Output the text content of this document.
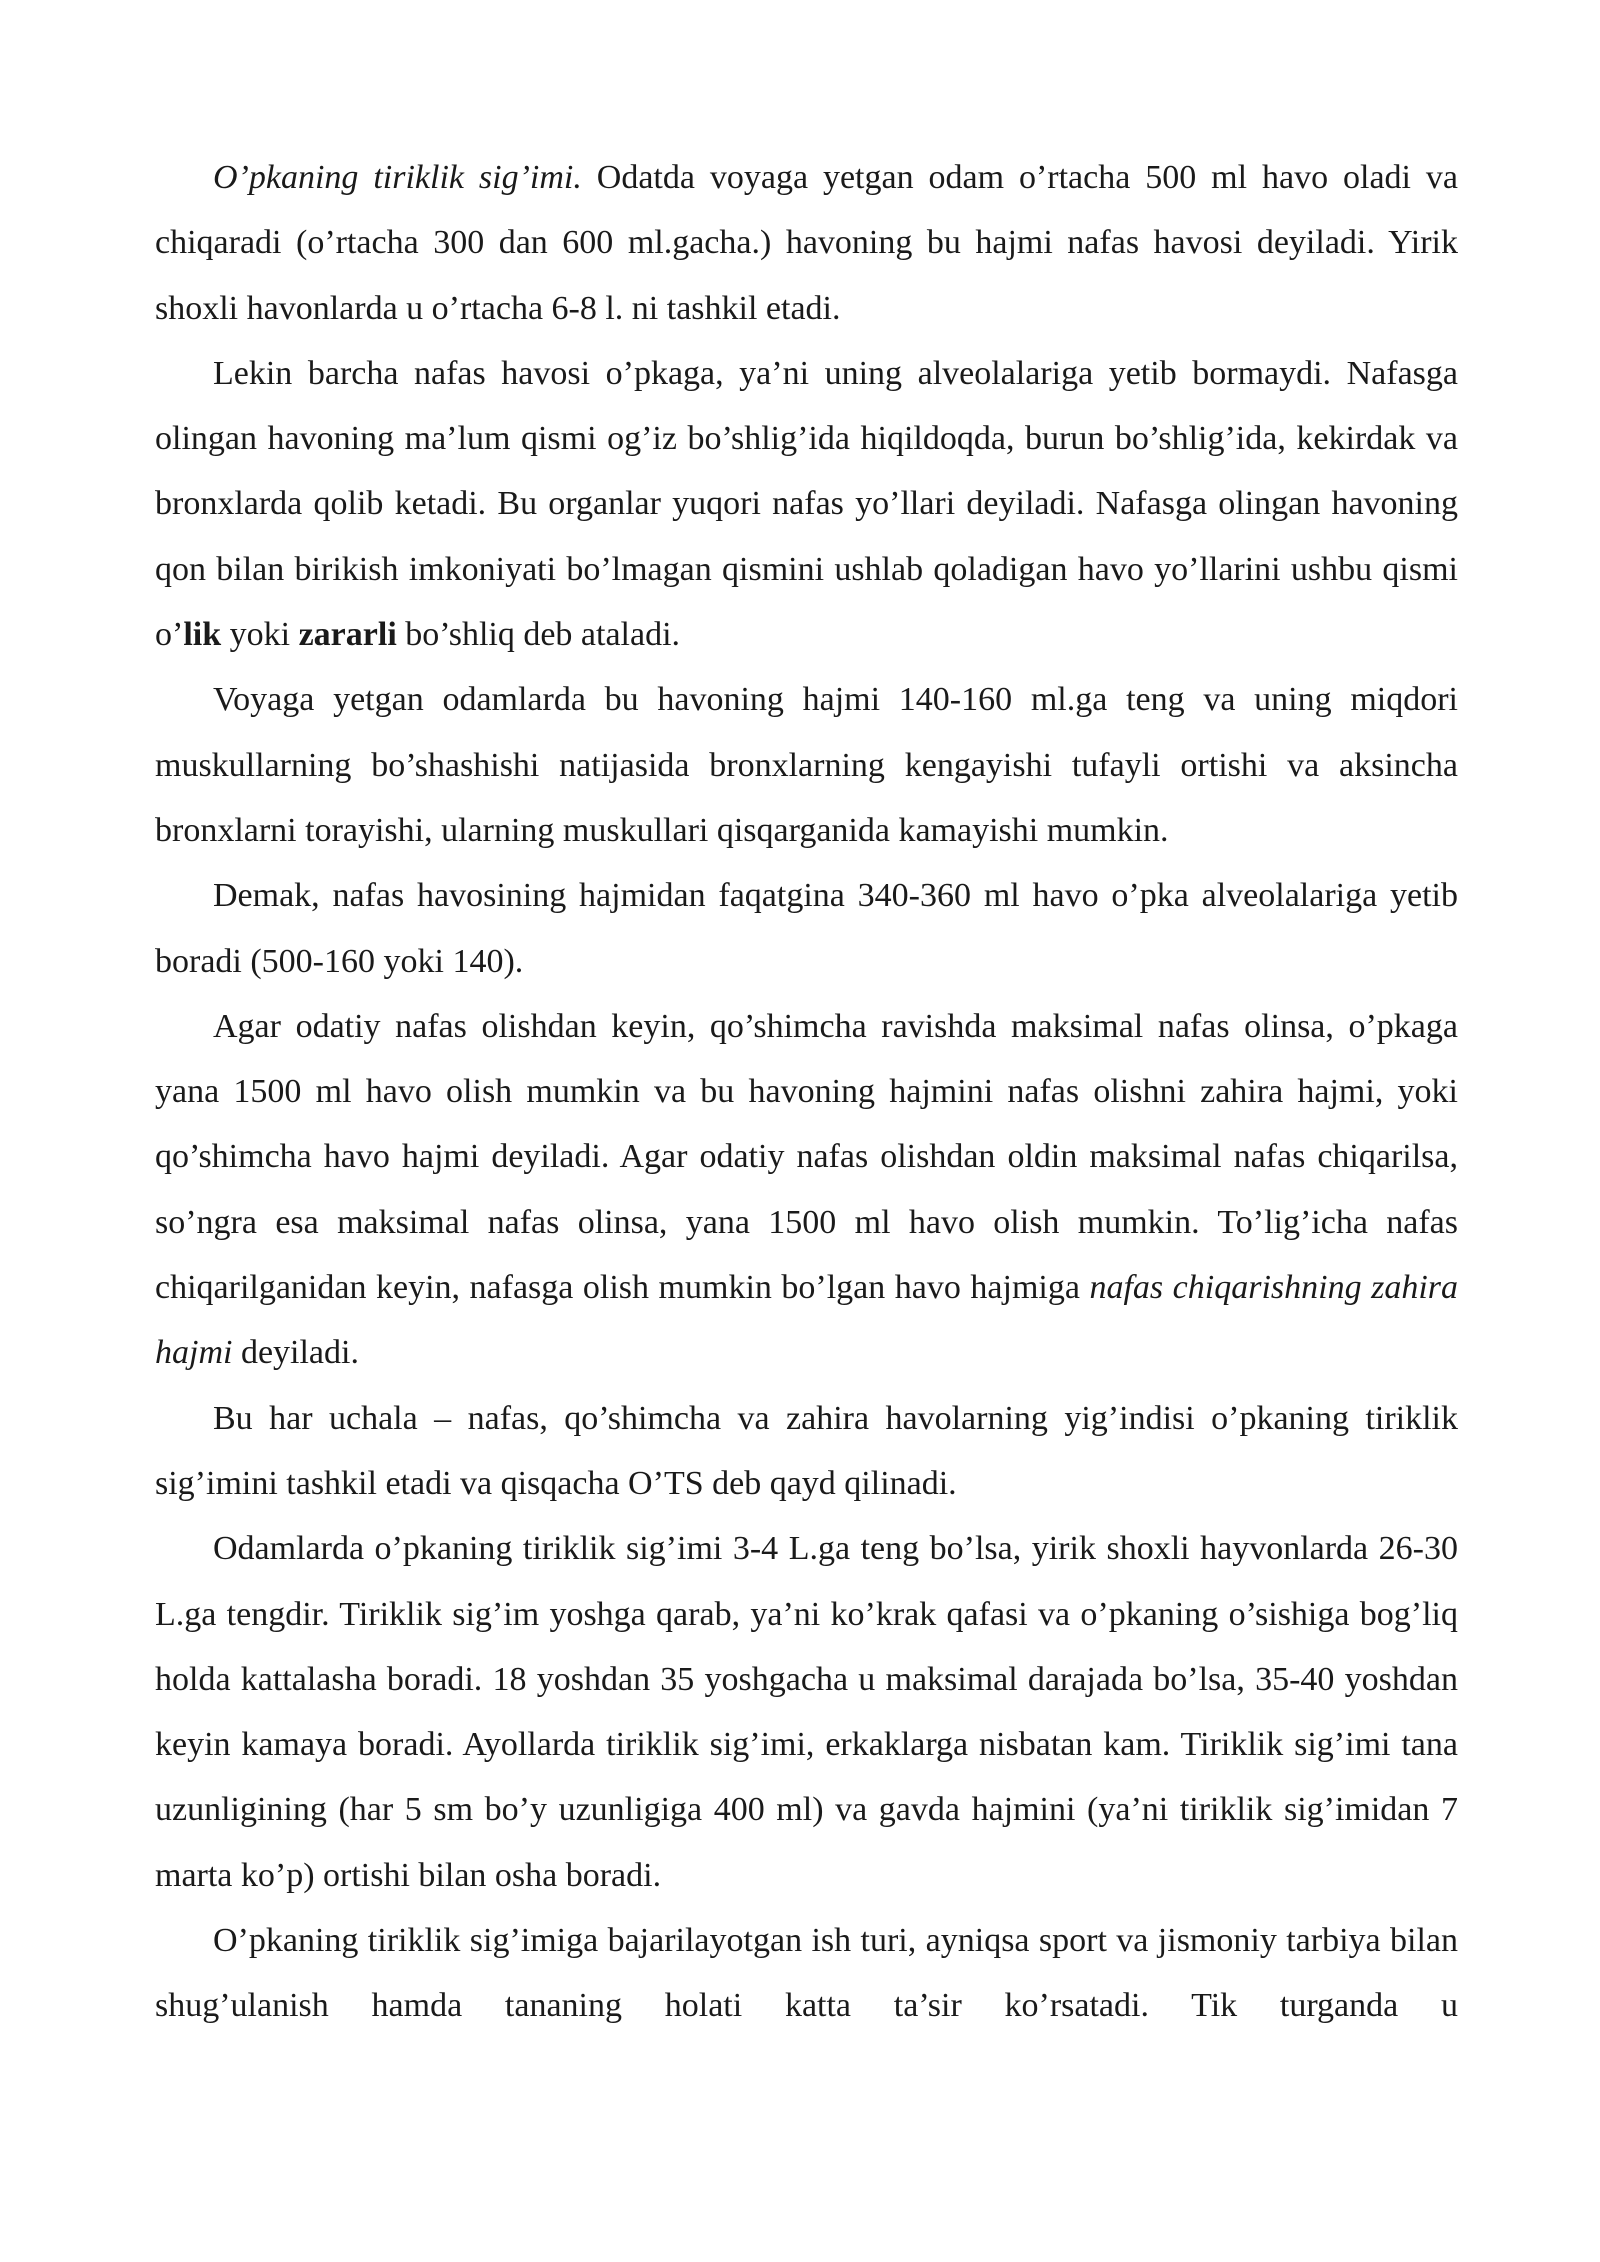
O’pkaning tiriklik sig’imi. Odatda voyaga yetgan odam o’rtacha 500 ml havo oladi va chiqaradi (o’rtacha 300 dan 600 ml.gacha.) havoning bu hajmi nafas havosi deyiladi. Yirik shoxli havonlarda u o’rtacha 6-8 l. ni tashkil etadi.

Lekin barcha nafas havosi o’pkaga, ya’ni uning alveolalariga yetib bormaydi. Nafasga olingan havoning ma’lum qismi og’iz bo’shlig’ida hiqildoqda, burun bo’shlig’ida, kekirdak va bronxlarda qolib ketadi. Bu organlar yuqori nafas yo’llari deyiladi. Nafasga olingan havoning qon bilan birikish imkoniyati bo’lmagan qismini ushlab qoladigan havo yo’llarini ushbu qismi o’lik yoki zararli bo’shliq deb ataladi.

Voyaga yetgan odamlarda bu havoning hajmi 140-160 ml.ga teng va uning miqdori muskullarning bo’shashishi natijasida bronxlarning kengayishi tufayli ortishi va aksincha bronxlarni torayishi, ularning muskullari qisqarganida kamayishi mumkin.

Demak, nafas havosining hajmidan faqatgina 340-360 ml havo o’pka alveolalariga yetib boradi (500-160 yoki 140).

Agar odatiy nafas olishdan keyin, qo’shimcha ravishda maksimal nafas olinsa, o’pkaga yana 1500 ml havo olish mumkin va bu havoning hajmini nafas olishni zahira hajmi, yoki qo’shimcha havo hajmi deyiladi. Agar odatiy nafas olishdan oldin maksimal nafas chiqarilsa, so’ngra esa maksimal nafas olinsa, yana 1500 ml havo olish mumkin. To’lig’icha nafas chiqarilganidan keyin, nafasga olish mumkin bo’lgan havo hajmiga nafas chiqarishning zahira hajmi deyiladi.

Bu har uchala – nafas, qo’shimcha va zahira havolarning yig’indisi o’pkaning tiriklik sig’imini tashkil etadi va qisqacha O’TS deb qayd qilinadi.

Odamlarda o’pkaning tiriklik sig’imi 3-4 L.ga teng bo’lsa, yirik shoxli hayvonlarda 26-30 L.ga tengdir. Tiriklik sig’im yoshga qarab, ya’ni ko’krak qafasi va o’pkaning o’sishiga bog’liq holda kattalasha boradi. 18 yoshdan 35 yoshgacha u maksimal darajada bo’lsa, 35-40 yoshdan keyin kamaya boradi. Ayollarda tiriklik sig’imi, erkaklarga nisbatan kam. Tiriklik sig’imi tana uzunligining (har 5 sm bo’y uzunligiga 400 ml) va gavda hajmini (ya’ni tiriklik sig’imidan 7 marta ko’p) ortishi bilan osha boradi.

O’pkaning tiriklik sig’imiga bajarilayotgan ish turi, ayniqsa sport va jismoniy tarbiya bilan shug’ulanish hamda tananing holati katta ta’sir ko’rsatadi. Tik turganda u
